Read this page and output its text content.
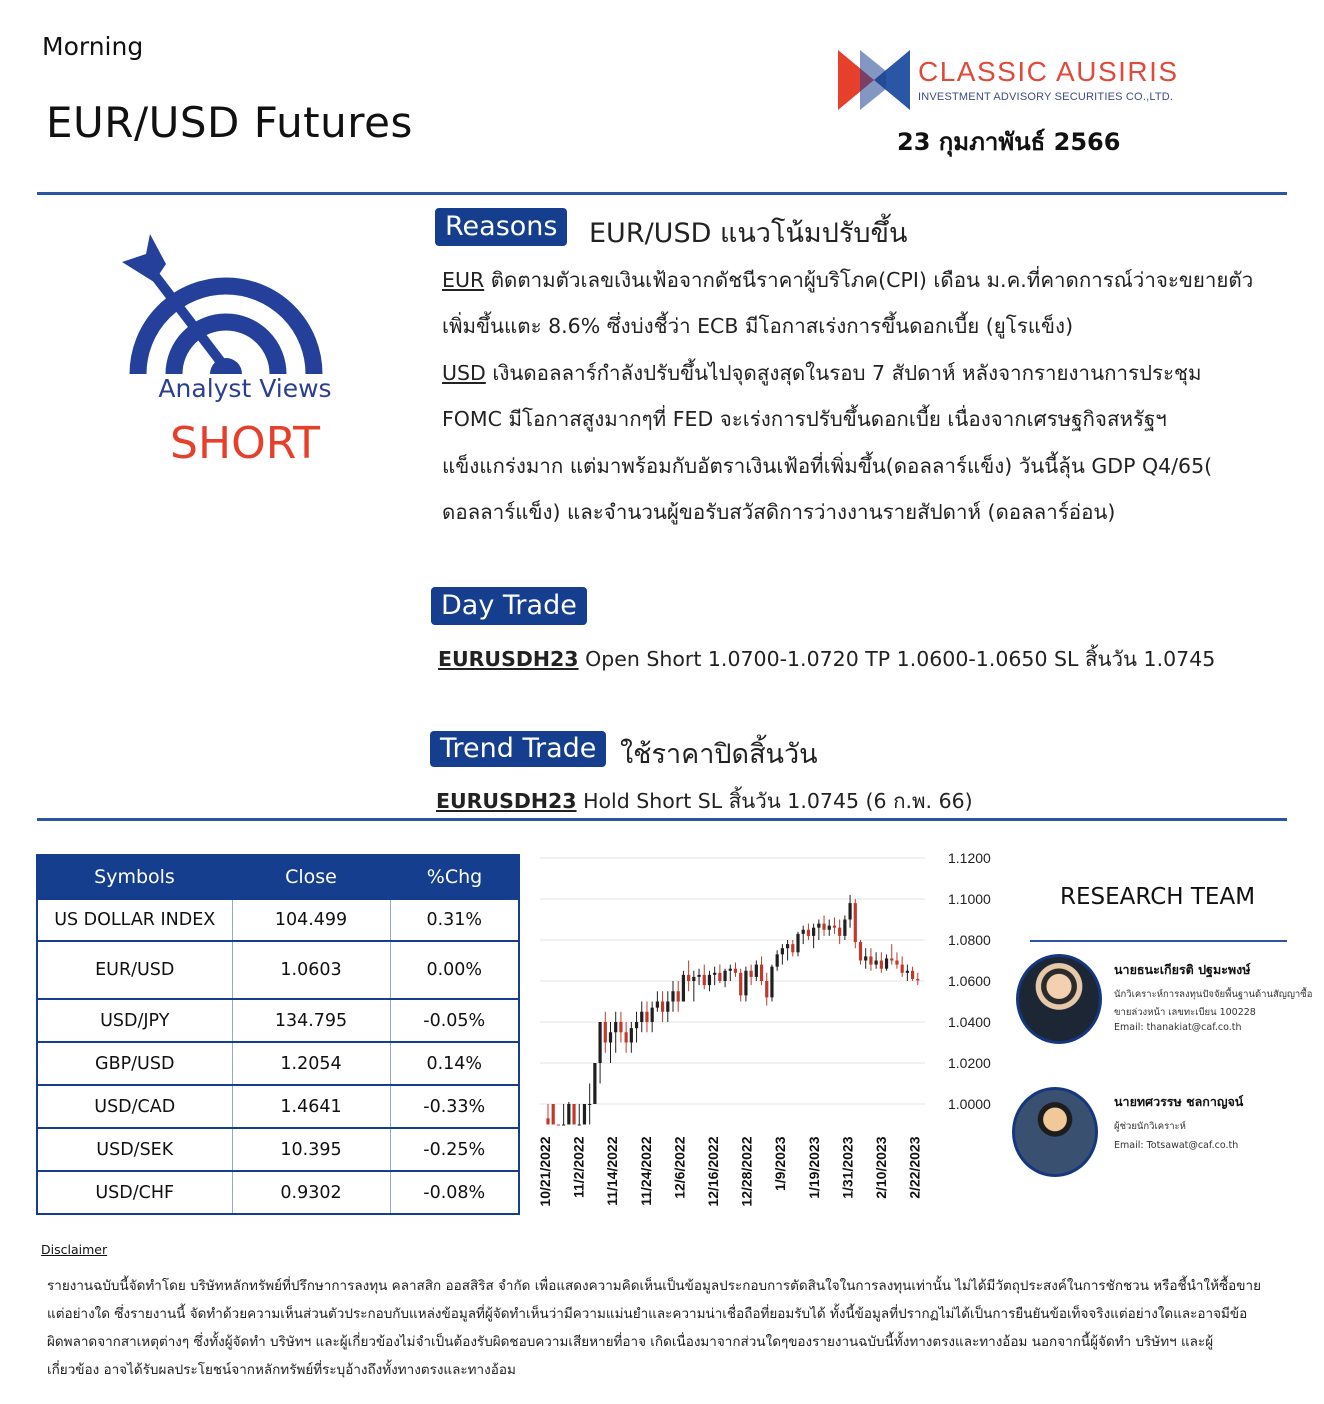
Morning
EUR/USD Futures
CLASSIC AUSIRIS
INVESTMENT ADVISORY SECURITIES CO.,LTD.
23 กุมภาพันธ์ 2566
Analyst Views
SHORT
Reasons	EUR/USD แนวโน้มปรับขึ้น
EUR ติดตามตัวเลขเงินเฟ้อจากดัชนีราคาผู้บริโภค(CPI) เดือน ม.ค.ที่คาดการณ์ว่าจะขยายตัว
เพิ่มขึ้นแตะ 8.6% ซึ่งบ่งชี้ว่า ECB มีโอกาสเร่งการขึ้นดอกเบี้ย (ยูโรแข็ง)
USD เงินดอลลาร์กำลังปรับขึ้นไปจุดสูงสุดในรอบ 7 สัปดาห์ หลังจากรายงานการประชุม
FOMC มีโอกาสสูงมากๆที่ FED จะเร่งการปรับขึ้นดอกเบี้ย เนื่องจากเศรษฐกิจสหรัฐฯ
แข็งแกร่งมาก แต่มาพร้อมกับอัตราเงินเฟ้อที่เพิ่มขึ้น(ดอลลาร์แข็ง) วันนี้ลุ้น GDP Q4/65(
ดอลลาร์แข็ง) และจำนวนผู้ขอรับสวัสดิการว่างงานรายสัปดาห์ (ดอลลาร์อ่อน)
Day Trade
EURUSDH23 Open Short 1.0700-1.0720 TP 1.0600-1.0650 SL สิ้นวัน 1.0745
Trend Trade ใช้ราคาปิดสิ้นวัน
EURUSDH23 Hold Short SL สิ้นวัน 1.0745 (6 ก.พ. 66)
Symbols	Close	%Chg
US DOLLAR INDEX	104.499	0.31%
EUR/USD	1.0603	0.00%
USD/JPY	134.795	-0.05%
GBP/USD	1.2054	0.14%
USD/CAD	1.4641	-0.33%
USD/SEK	10.395	-0.25%
USD/CHF	0.9302	-0.08%
1.1200
1.1000
1.0800
1.0600
1.0400
1.0200
1.0000
10/21/2022 11/2/2022 11/14/2022 11/24/2022 12/6/2022 12/16/2022 12/28/2022 1/9/2023 1/19/2023 1/31/2023 2/10/2023 2/22/2023
RESEARCH TEAM
นายธนะเกียรติ ปฐมะพงษ์
นักวิเคราะห์การลงทุนปัจจัยพื้นฐานด้านสัญญาซื้อ
ขายล่วงหน้า เลขทะเบียน 100228
Email: thanakiat@caf.co.th
นายทศวรรษ ชลกาญจน์
ผู้ช่วยนักวิเคราะห์
Email: Totsawat@caf.co.th
Disclaimer
รายงานฉบับนี้จัดทำโดย บริษัทหลักทรัพย์ที่ปรึกษาการลงทุน คลาสสิก ออสสิริส จำกัด เพื่อแสดงความคิดเห็นเป็นข้อมูลประกอบการตัดสินใจในการลงทุนเท่านั้น ไม่ได้มีวัตถุประสงค์ในการชักชวน หรือชี้นำให้ซื้อขายแต่อย่างใด ซึ่งรายงานนี้ จัดทำด้วยความเห็นส่วนตัวประกอบกับแหล่งข้อมูลที่ผู้จัดทำเห็นว่ามีความแม่นยำและความน่าเชื่อถือที่ยอมรับได้ ทั้งนี้ข้อมูลที่ปรากฏไม่ได้เป็นการยืนยันข้อเท็จจริงแต่อย่างใดและอาจมีข้อผิดพลาดจากสาเหตุต่างๆ ซึ่งทั้งผู้จัดทำ บริษัทฯ และผู้เกี่ยวข้องไม่จำเป็นต้องรับผิดชอบความเสียหายที่อาจ เกิดเนื่องมาจากส่วนใดๆของรายงานฉบับนี้ทั้งทางตรงและทางอ้อม นอกจากนี้ผู้จัดทำ บริษัทฯ และผู้เกี่ยวข้อง อาจได้รับผลประโยชน์จากหลักทรัพย์ที่ระบุอ้างถึงทั้งทางตรงและทางอ้อม
